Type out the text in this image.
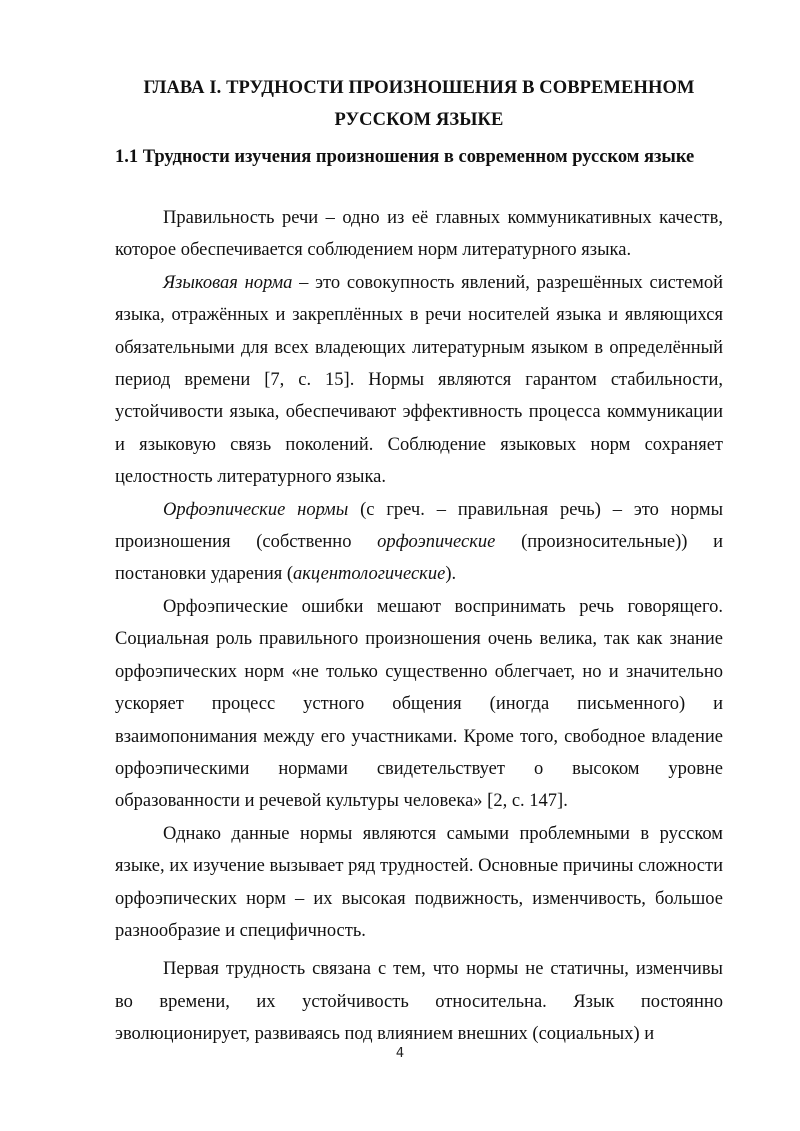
ГЛАВА I. ТРУДНОСТИ ПРОИЗНОШЕНИЯ В СОВРЕМЕННОМ РУССКОМ ЯЗЫКЕ
1.1 Трудности изучения произношения в современном русском языке

Правильность речи – одно из её главных коммуникативных качеств, которое обеспечивается соблюдением норм литературного языка.

Языковая норма – это совокупность явлений, разрешённых системой языка, отражённых и закреплённых в речи носителей языка и являющихся обязательными для всех владеющих литературным языком в определённый период времени [7, с. 15]. Нормы являются гарантом стабильности, устойчивости языка, обеспечивают эффективность процесса коммуникации и языковую связь поколений. Соблюдение языковых норм сохраняет целостность литературного языка.

Орфоэпические нормы (с греч. – правильная речь) – это нормы произношения (собственно орфоэпические (произносительные)) и постановки ударения (акцентологические).

Орфоэпические ошибки мешают воспринимать речь говорящего. Социальная роль правильного произношения очень велика, так как знание орфоэпических норм «не только существенно облегчает, но и значительно ускоряет процесс устного общения (иногда письменного) и взаимопонимания между его участниками. Кроме того, свободное владение орфоэпическими нормами свидетельствует о высоком уровне образованности и речевой культуры человека» [2, с. 147].

Однако данные нормы являются самыми проблемными в русском языке, их изучение вызывает ряд трудностей. Основные причины сложности орфоэпических норм – их высокая подвижность, изменчивость, большое разнообразие и специфичность.

Первая трудность связана с тем, что нормы не статичны, изменчивы во времени, их устойчивость относительна. Язык постоянно эволюционирует, развиваясь под влиянием внешних (социальных) и

4
